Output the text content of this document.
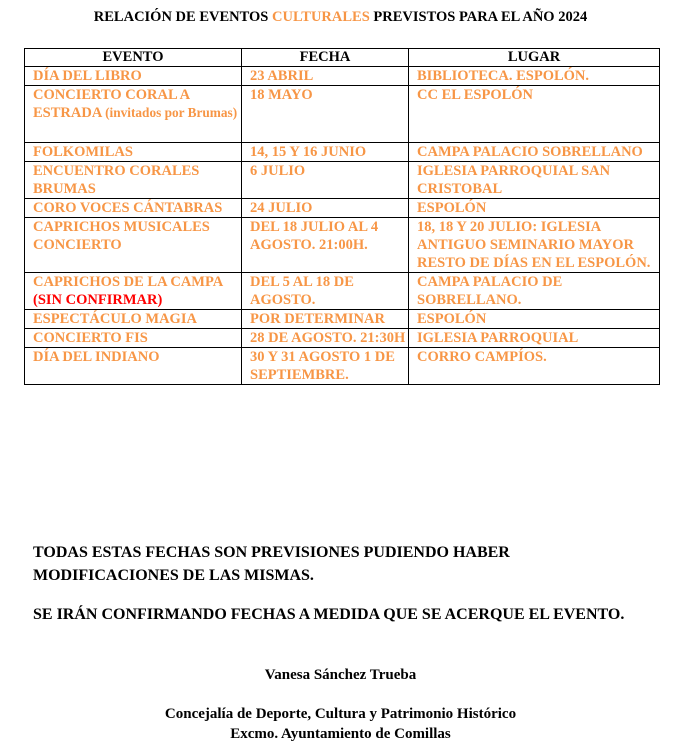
RELACIÓN DE EVENTOS CULTURALES PREVISTOS PARA EL AÑO 2024
EVENTO	FECHA	LUGAR
DÍA DEL LIBRO	23 ABRIL	BIBLIOTECA. ESPOLÓN.
CONCIERTO CORAL A ESTRADA (invitados por Brumas)	18 MAYO	CC EL ESPOLÓN
FOLKOMILAS	14, 15 Y 16 JUNIO	CAMPA PALACIO SOBRELLANO
ENCUENTRO CORALES BRUMAS	6 JULIO	IGLESIA PARROQUIAL SAN CRISTOBAL
CORO VOCES CÁNTABRAS	24 JULIO	ESPOLÓN
CAPRICHOS MUSICALES CONCIERTO	DEL 18 JULIO AL 4 AGOSTO. 21:00H.	18, 18 Y 20 JULIO: IGLESIA ANTIGUO SEMINARIO MAYOR
RESTO DE DÍAS EN EL ESPOLÓN.

CAPRICHOS DE LA CAMPA (SIN CONFIRMAR)	DEL 5 AL 18 DE AGOSTO.	CAMPA PALACIO DE SOBRELLANO.
ESPECTÁCULO MAGIA	POR DETERMINAR	ESPOLÓN
CONCIERTO FIS	28 DE AGOSTO. 21:30H	IGLESIA PARROQUIAL
DÍA DEL INDIANO	30 Y 31 AGOSTO 1 DE SEPTIEMBRE.	CORRO CAMPÍOS.
TODAS ESTAS FECHAS SON PREVISIONES PUDIENDO HABER MODIFICACIONES DE LAS MISMAS.
SE IRÁN CONFIRMANDO FECHAS A MEDIDA QUE SE ACERQUE EL EVENTO.
Vanesa Sánchez Trueba
Concejalía de Deporte, Cultura y Patrimonio Histórico
Excmo. Ayuntamiento de Comillas
